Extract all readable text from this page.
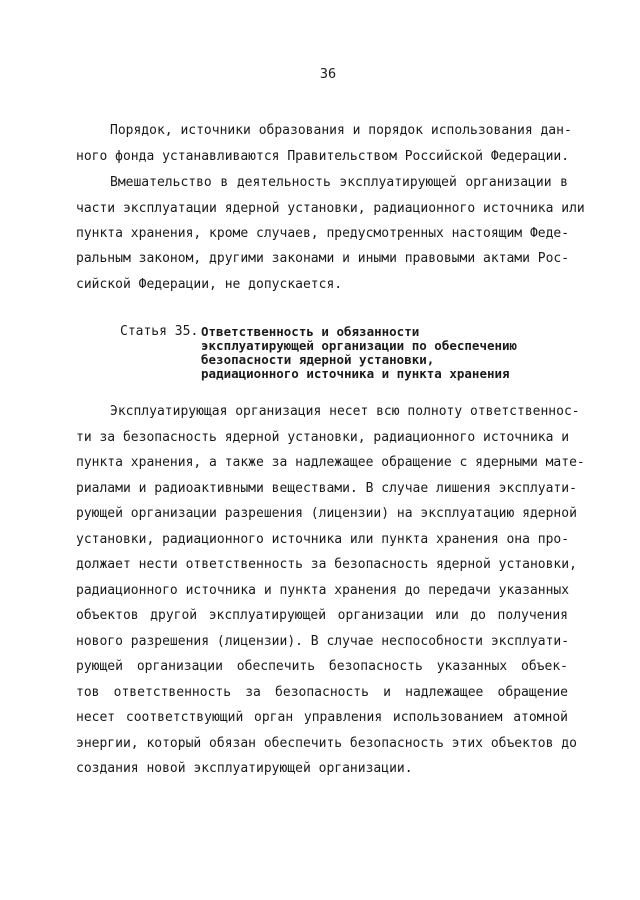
36
Порядок, источники образования и порядок использования дан-
ного фонда устанавливаются Правительством Российской Федерации.
Вмешательство в деятельность эксплуатирующей организации в
части эксплуатации ядерной установки, радиационного источника или
пункта хранения, кроме случаев, предусмотренных настоящим Феде-
ральным законом, другими законами и иными правовыми актами Рос-
сийской Федерации, не допускается.
Статья 35. Ответственность и обязанности
эксплуатирующей организации по обеспечению
безопасности ядерной установки,
радиационного источника и пункта хранения
Эксплуатирующая организация несет всю полноту ответственнос-
ти за безопасность ядерной установки, радиационного источника и
пункта хранения, а также за надлежащее обращение с ядерными мате-
риалами и радиоактивными веществами. В случае лишения эксплуати-
рующей организации разрешения (лицензии) на эксплуатацию ядерной
установки, радиационного источника или пункта хранения она про-
должает нести ответственность за безопасность ядерной установки,
радиационного источника и пункта хранения до передачи указанных
объектов другой эксплуатирующей организации или до получения
нового разрешения (лицензии). В случае неспособности эксплуати-
рующей организации обеспечить безопасность указанных объек-
тов ответственность за безопасность и надлежащее обращение
несет соответствующий орган управления использованием атомной
энергии, который обязан обеспечить безопасность этих объектов до
создания новой эксплуатирующей организации.
